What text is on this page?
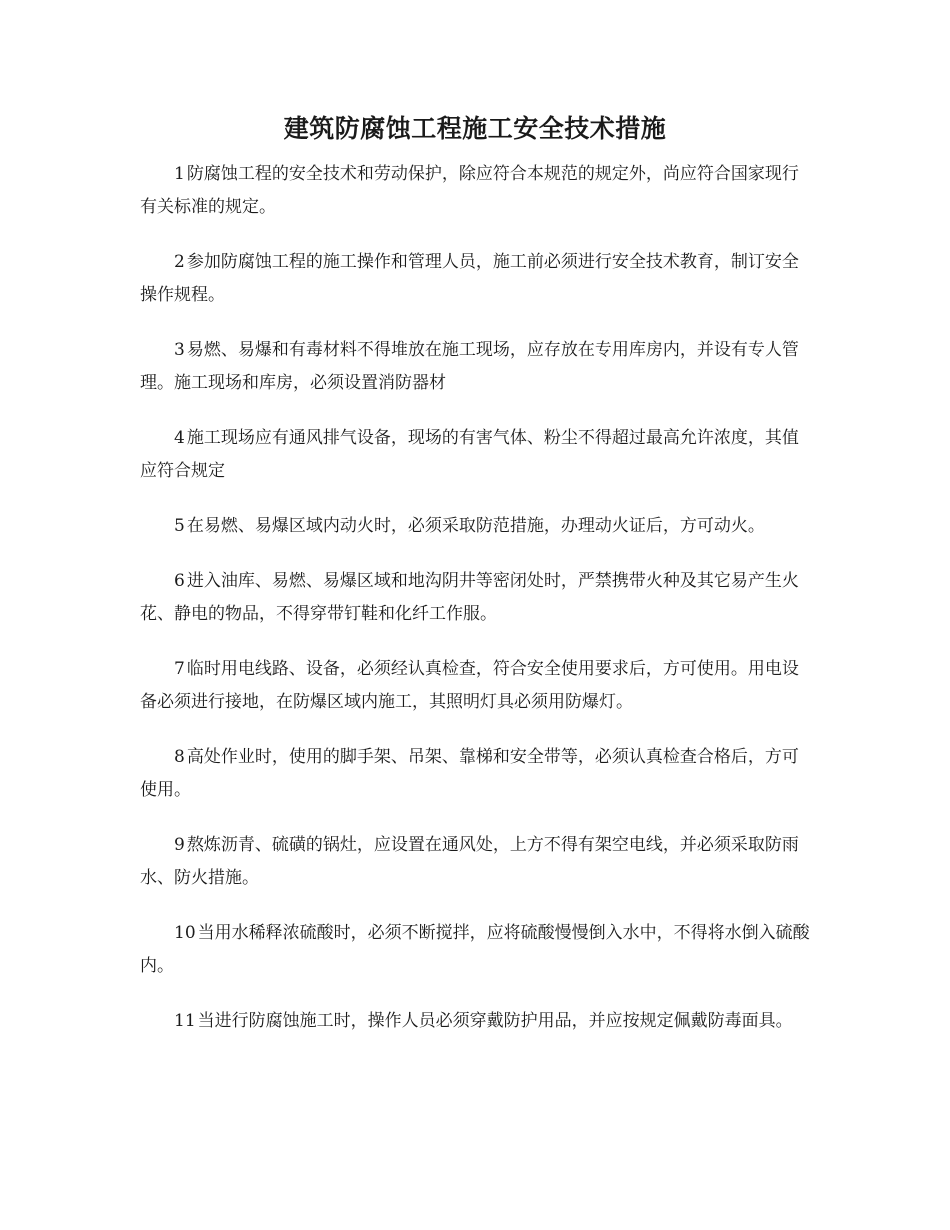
建筑防腐蚀工程施工安全技术措施

1 防腐蚀工程的安全技术和劳动保护，除应符合本规范的规定外，尚应符合国家现行有关标准的规定。

2 参加防腐蚀工程的施工操作和管理人员，施工前必须进行安全技术教育，制订安全操作规程。

3 易燃、易爆和有毒材料不得堆放在施工现场，应存放在专用库房内，并设有专人管理。施工现场和库房，必须设置消防器材

4 施工现场应有通风排气设备，现场的有害气体、粉尘不得超过最高允许浓度，其值应符合规定

5 在易燃、易爆区域内动火时，必须采取防范措施，办理动火证后，方可动火。

6 进入油库、易燃、易爆区域和地沟阴井等密闭处时，严禁携带火种及其它易产生火花、静电的物品，不得穿带钉鞋和化纤工作服。

7 临时用电线路、设备，必须经认真检查，符合安全使用要求后，方可使用。用电设备必须进行接地，在防爆区域内施工，其照明灯具必须用防爆灯。

8 高处作业时，使用的脚手架、吊架、靠梯和安全带等，必须认真检查合格后，方可使用。

9 熬炼沥青、硫磺的锅灶，应设置在通风处，上方不得有架空电线，并必须采取防雨水、防火措施。

10 当用水稀释浓硫酸时，必须不断搅拌，应将硫酸慢慢倒入水中，不得将水倒入硫酸内。

11 当进行防腐蚀施工时，操作人员必须穿戴防护用品，并应按规定佩戴防毒面具。
